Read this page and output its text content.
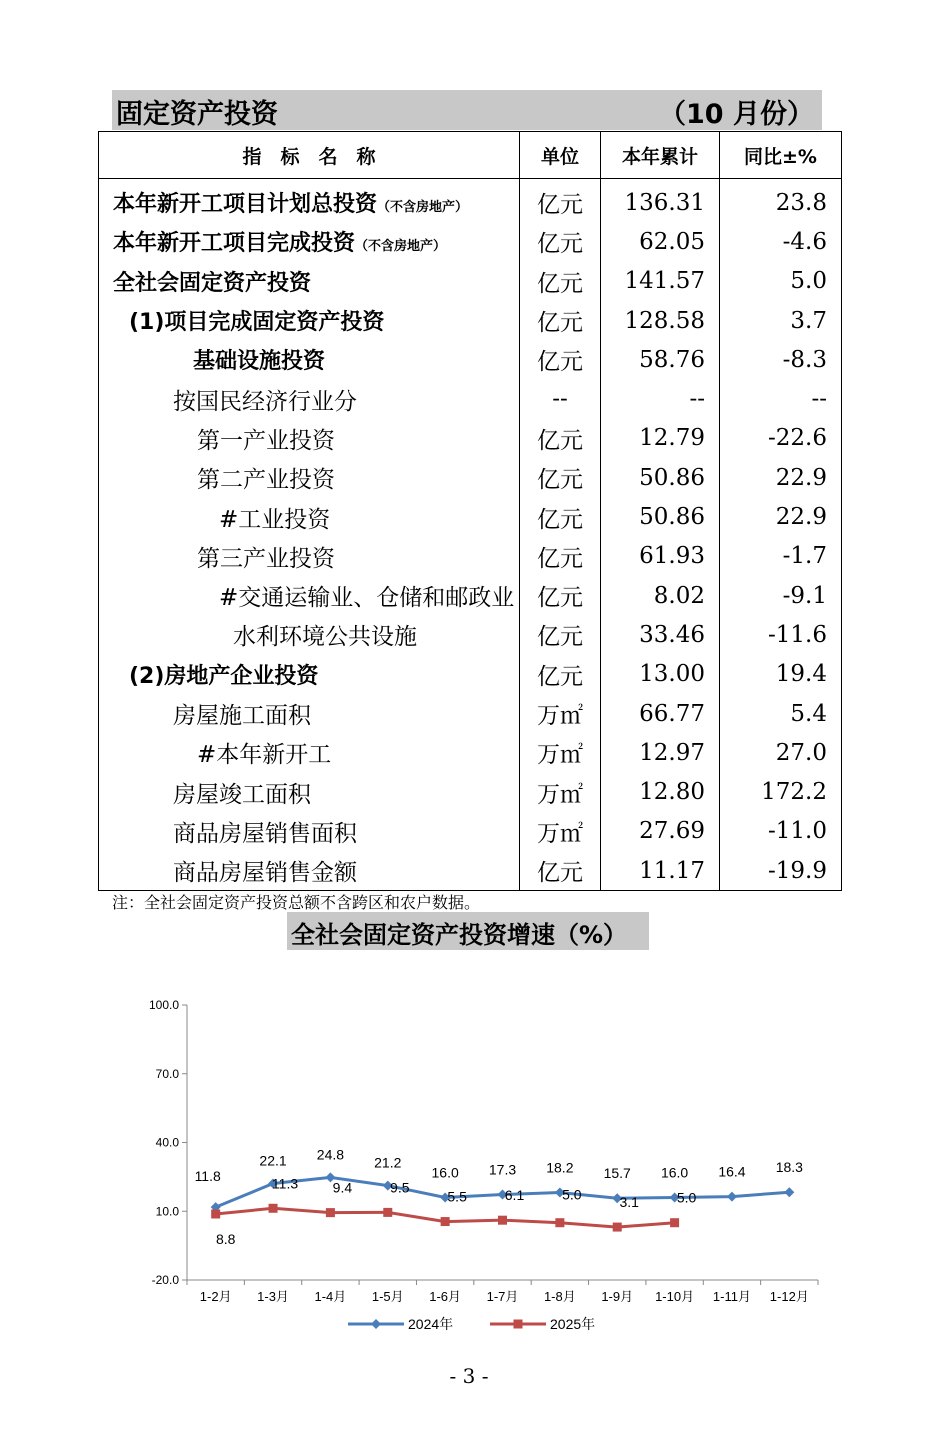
固定资产投资	（10 月份）
指　标　名　称	单位	本年累计	同比±%
本年新开工项目计划总投资（不含房地产）	亿元	136.31	23.8
本年新开工项目完成投资（不含房地产）	亿元	62.05	-4.6
全社会固定资产投资	亿元	141.57	5.0
(1)项目完成固定资产投资	亿元	128.58	3.7
基础设施投资	亿元	58.76	-8.3
按国民经济行业分	--	--	--
第一产业投资	亿元	12.79	-22.6
第二产业投资	亿元	50.86	22.9
#工业投资	亿元	50.86	22.9
第三产业投资	亿元	61.93	-1.7
#交通运输业、仓储和邮政业	亿元	8.02	-9.1
水利环境公共设施	亿元	33.46	-11.6
(2)房地产企业投资	亿元	13.00	19.4
房屋施工面积	万㎡	66.77	5.4
#本年新开工	万㎡	12.97	27.0
房屋竣工面积	万㎡	12.80	172.2
商品房屋销售面积	万㎡	27.69	-11.0
商品房屋销售金额	亿元	11.17	-19.9
注：全社会固定资产投资总额不含跨区和农户数据。
全社会固定资产投资增速（%）
100.0
70.0
40.0
10.0
-20.0
1-2月 1-3月 1-4月 1-5月 1-6月 1-7月 1-8月 1-9月 1-10月 1-11月 1-12月
11.8
22.1 24.8
21.2
16.0 17.3 18.2 15.7 16.0 16.4 18.3
8.8
11.3 9.4	9.5
5.5	6.1	5.0	3.1	5.0
2024年	2025年
- 3 -
